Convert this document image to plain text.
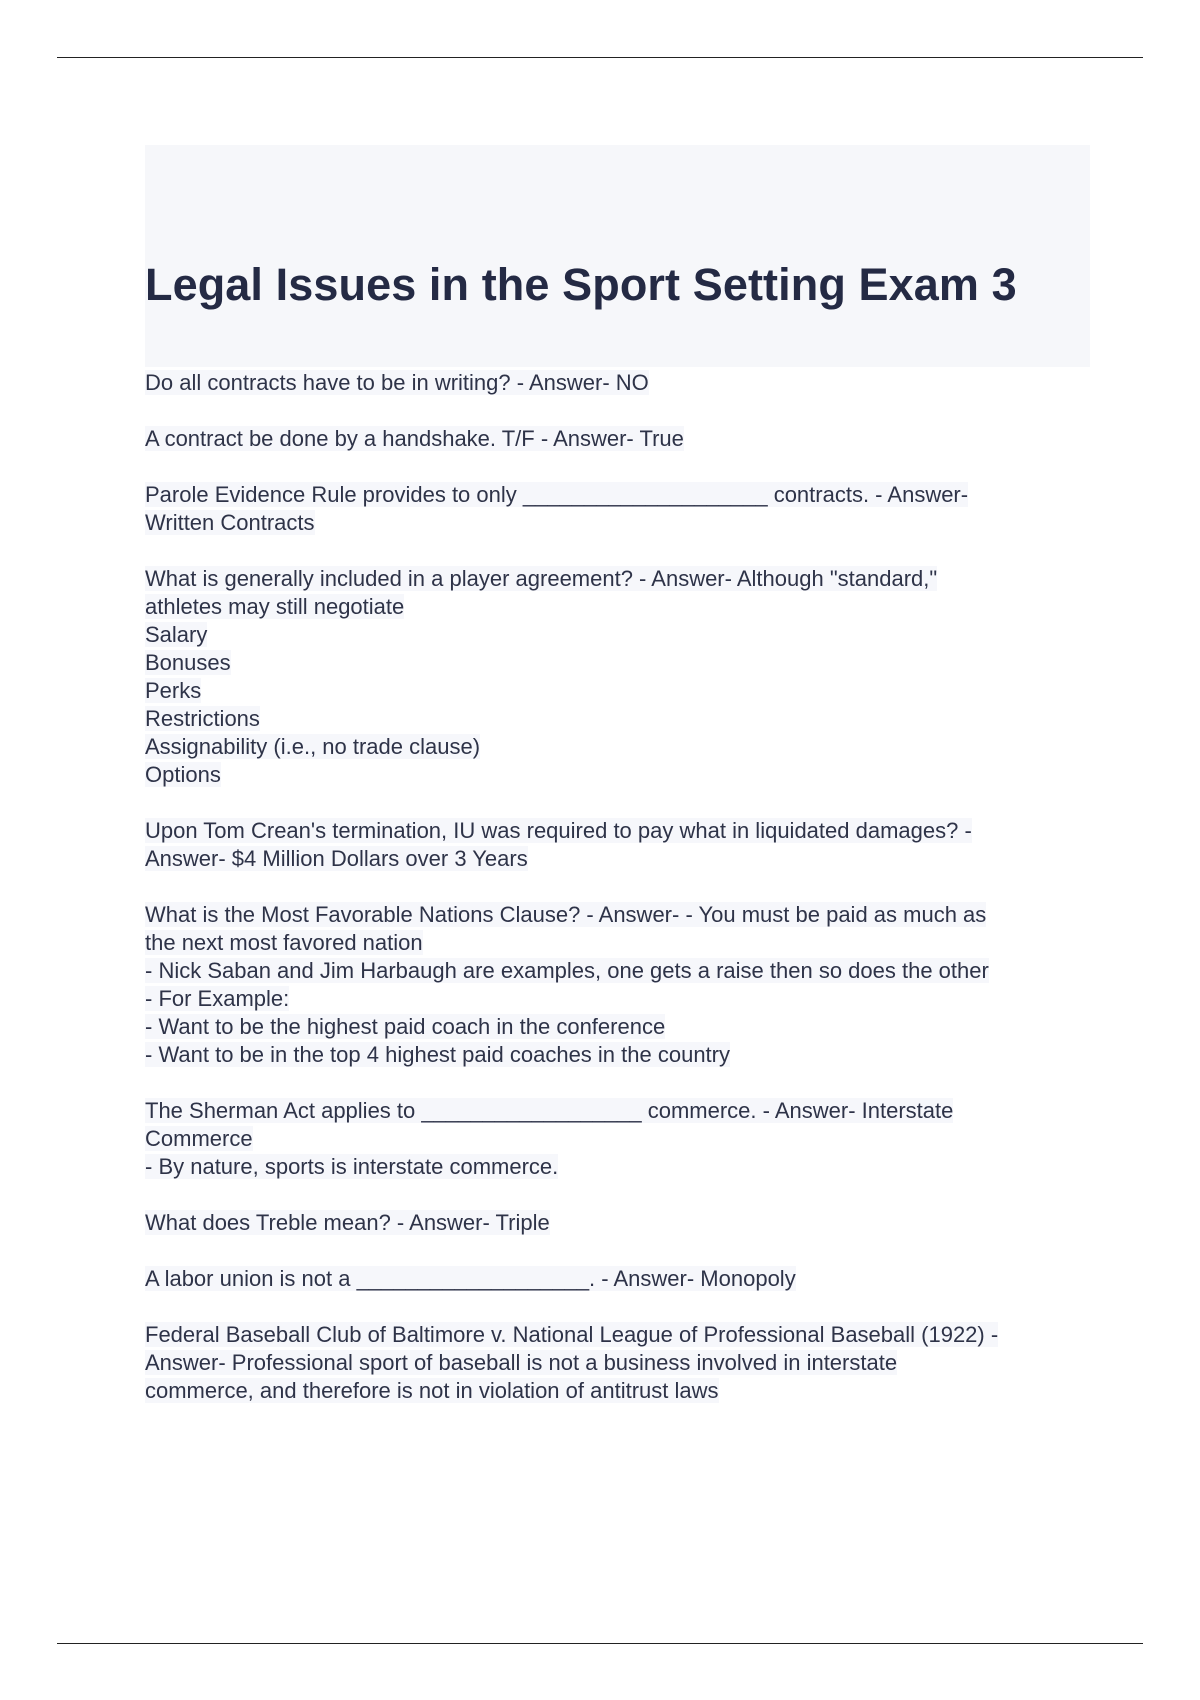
Legal Issues in the Sport Setting Exam 3
Do all contracts have to be in writing? - Answer- NO
A contract be done by a handshake. T/F - Answer- True
Parole Evidence Rule provides to only ____________________ contracts. - Answer-
Written Contracts
What is generally included in a player agreement? - Answer- Although "standard,"
athletes may still negotiate
Salary
Bonuses
Perks
Restrictions
Assignability (i.e., no trade clause)
Options
Upon Tom Crean's termination, IU was required to pay what in liquidated damages? -
Answer- $4 Million Dollars over 3 Years
What is the Most Favorable Nations Clause? - Answer- - You must be paid as much as
the next most favored nation
- Nick Saban and Jim Harbaugh are examples, one gets a raise then so does the other
- For Example:
- Want to be the highest paid coach in the conference
- Want to be in the top 4 highest paid coaches in the country
The Sherman Act applies to __________________ commerce. - Answer- Interstate
Commerce
- By nature, sports is interstate commerce.
What does Treble mean? - Answer- Triple
A labor union is not a ___________________. - Answer- Monopoly
Federal Baseball Club of Baltimore v. National League of Professional Baseball (1922) -
Answer- Professional sport of baseball is not a business involved in interstate
commerce, and therefore is not in violation of antitrust laws
